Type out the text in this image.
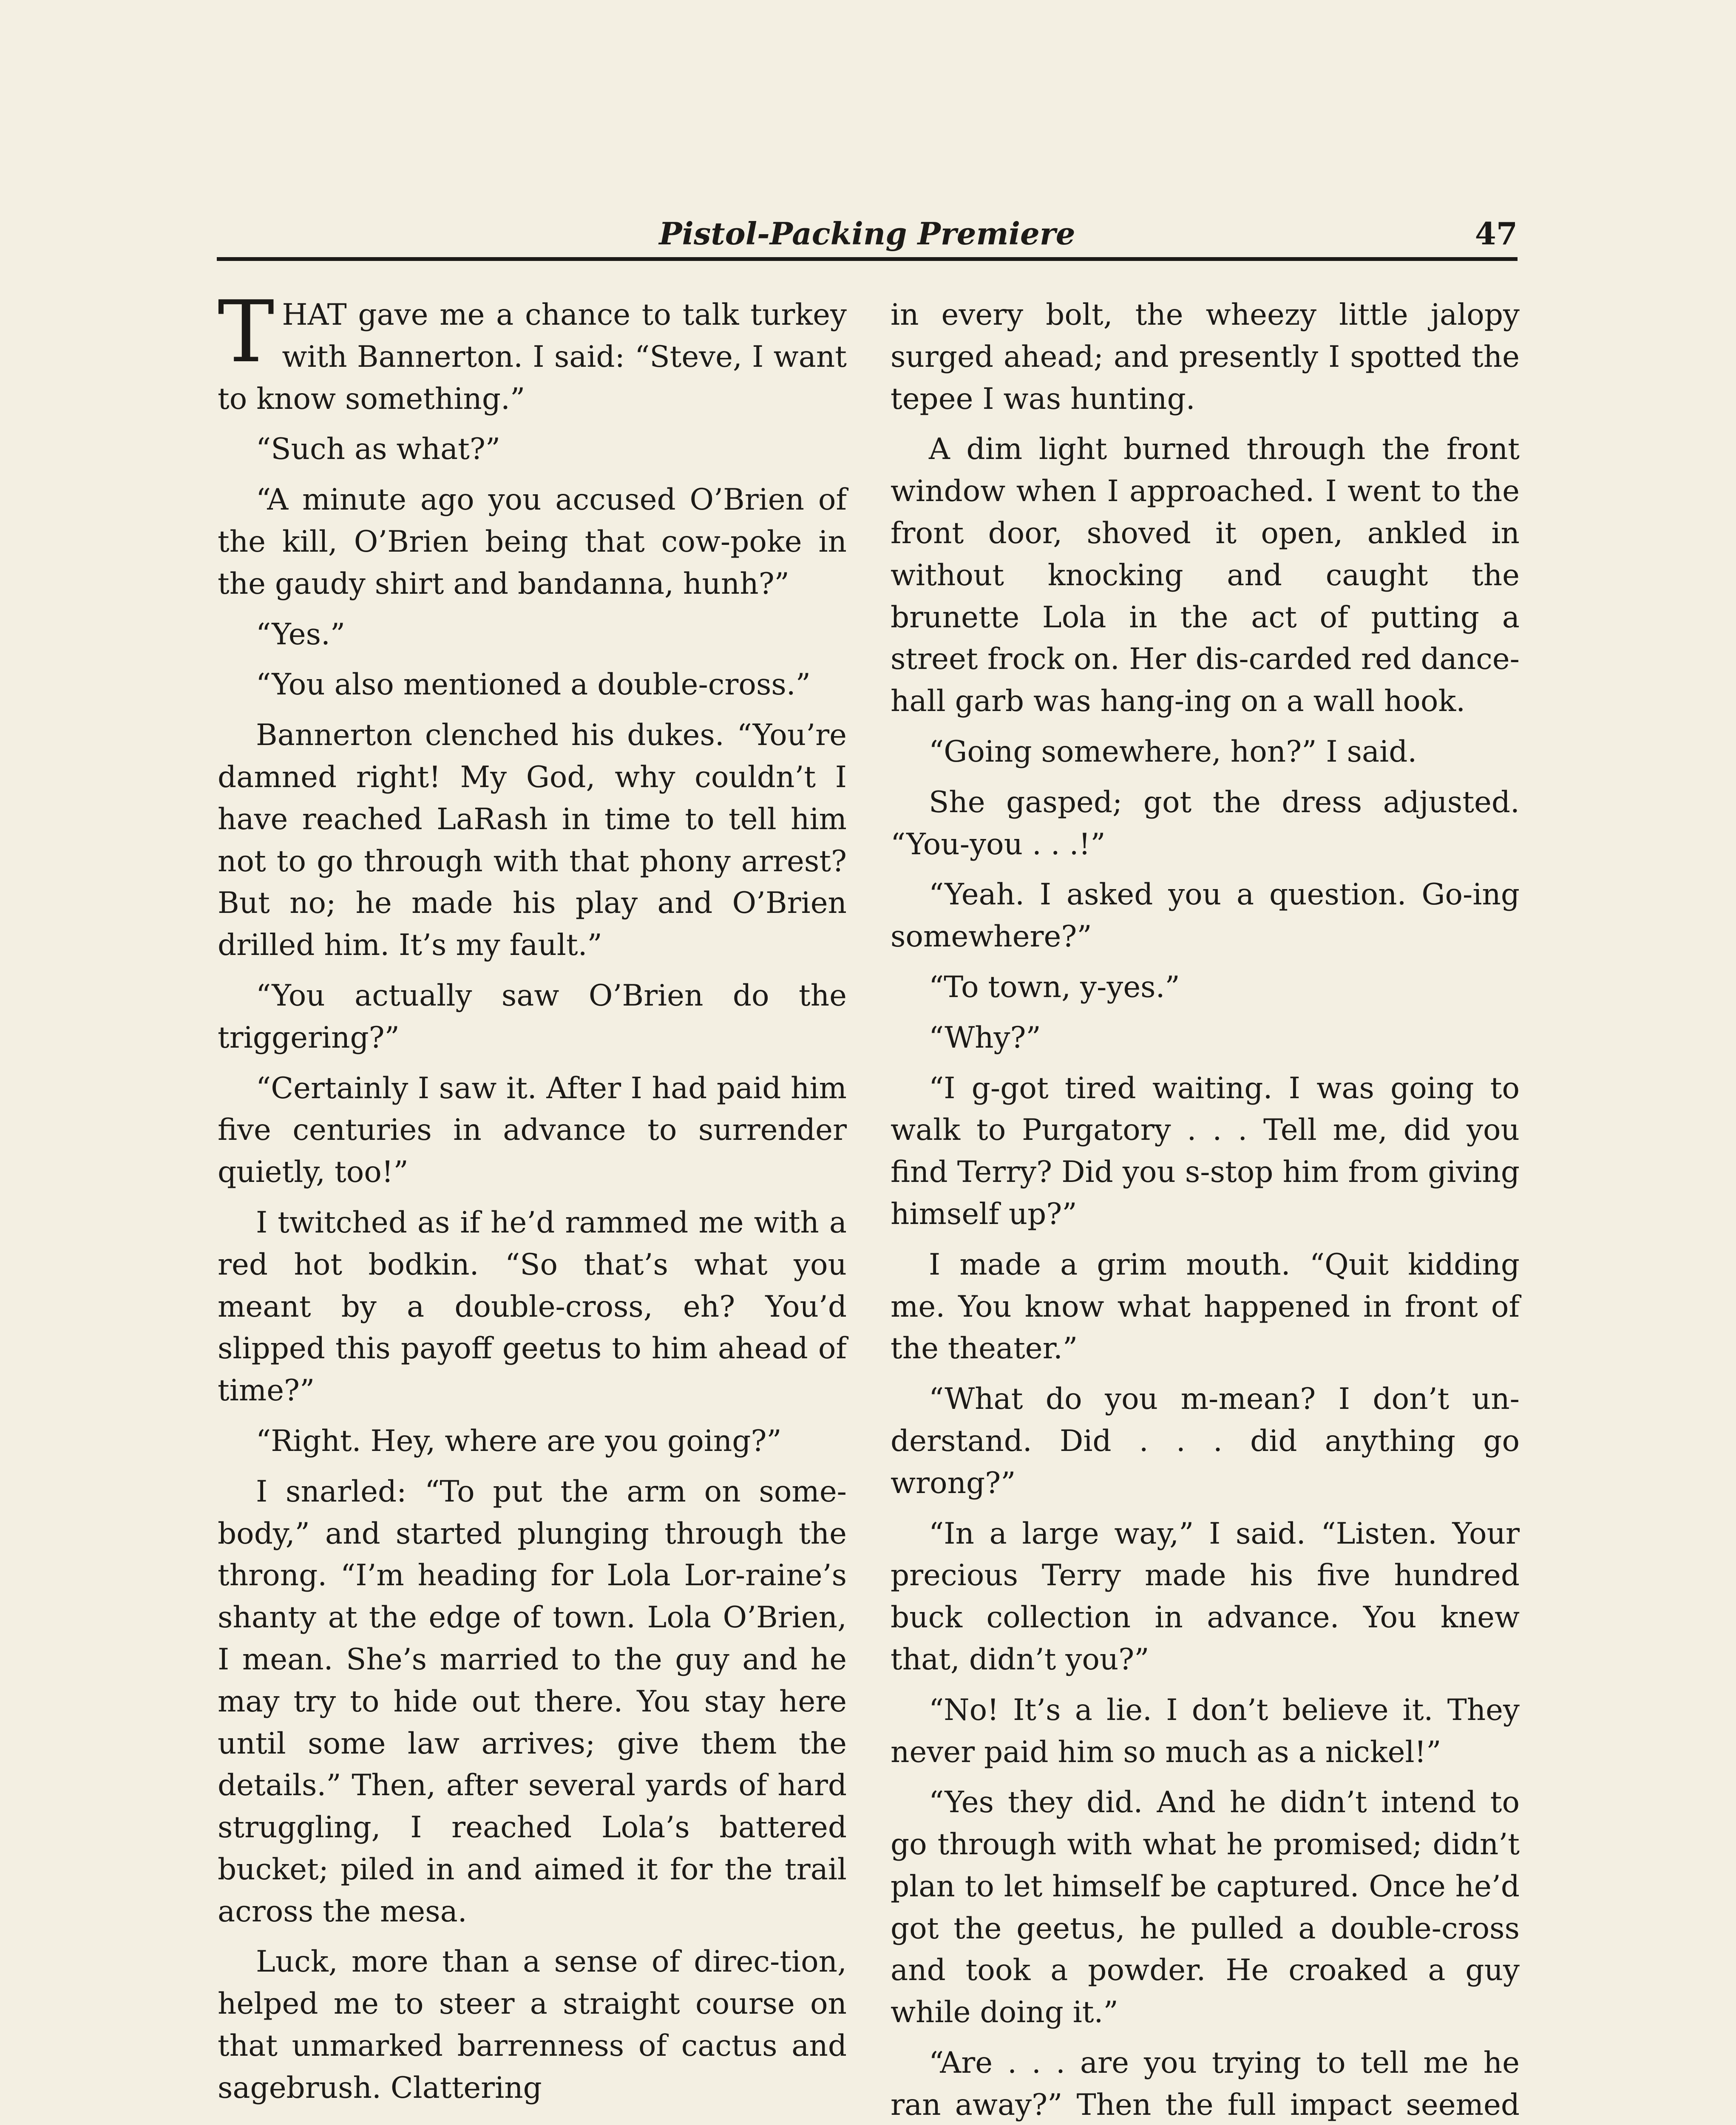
Pistol-Packing Premiere	47

THAT gave me a chance to talk turkey with Bannerton. I said: “Steve, I want to know something.”

“Such as what?”

“A minute ago you accused O’Brien of the kill, O’Brien being that cow-poke in the gaudy shirt and bandanna, hunh?”

“Yes.”

“You also mentioned a double-cross.”

Bannerton clenched his dukes. “You’re damned right! My God, why couldn’t I have reached LaRash in time to tell him not to go through with that phony arrest? But no; he made his play and O’Brien drilled him. It’s my fault.”

“You actually saw O’Brien do the triggering?”

“Certainly I saw it. After I had paid him five centuries in advance to surrender quietly, too!”

I twitched as if he’d rammed me with a red hot bodkin. “So that’s what you meant by a double-cross, eh? You’d slipped this payoff geetus to him ahead of time?”

“Right. Hey, where are you going?”

I snarled: “To put the arm on some-body,” and started plunging through the throng. “I’m heading for Lola Lor-raine’s shanty at the edge of town. Lola O’Brien, I mean. She’s married to the guy and he may try to hide out there. You stay here until some law arrives; give them the details.” Then, after several yards of hard struggling, I reached Lola’s battered bucket; piled in and aimed it for the trail across the mesa.

Luck, more than a sense of direc-tion, helped me to steer a straight course on that unmarked barrenness of cactus and sagebrush. Clattering

in every bolt, the wheezy little jalopy surged ahead; and presently I spotted the tepee I was hunting.

A dim light burned through the front window when I approached. I went to the front door, shoved it open, ankled in without knocking and caught the brunette Lola in the act of putting a street frock on. Her dis-carded red dance-hall garb was hang-ing on a wall hook.

“Going somewhere, hon?” I said.

She gasped; got the dress adjusted. “You-you . . .!”

“Yeah. I asked you a question. Go-ing somewhere?”

“To town, y-yes.”

“Why?”

“I g-got tired waiting. I was going to walk to Purgatory . . . Tell me, did you find Terry? Did you s-stop him from giving himself up?”

I made a grim mouth. “Quit kidding me. You know what happened in front of the theater.”

“What do you m-mean? I don’t un-derstand. Did . . . did anything go wrong?”

“In a large way,” I said. “Listen. Your precious Terry made his five hundred buck collection in advance. You knew that, didn’t you?”

“No! It’s a lie. I don’t believe it. They never paid him so much as a nickel!”

“Yes they did. And he didn’t intend to go through with what he promised; didn’t plan to let himself be captured. Once he’d got the geetus, he pulled a double-cross and took a powder. He croaked a guy while doing it.”

“Are . . . are you trying to tell me he ran away?” Then the full impact seemed
